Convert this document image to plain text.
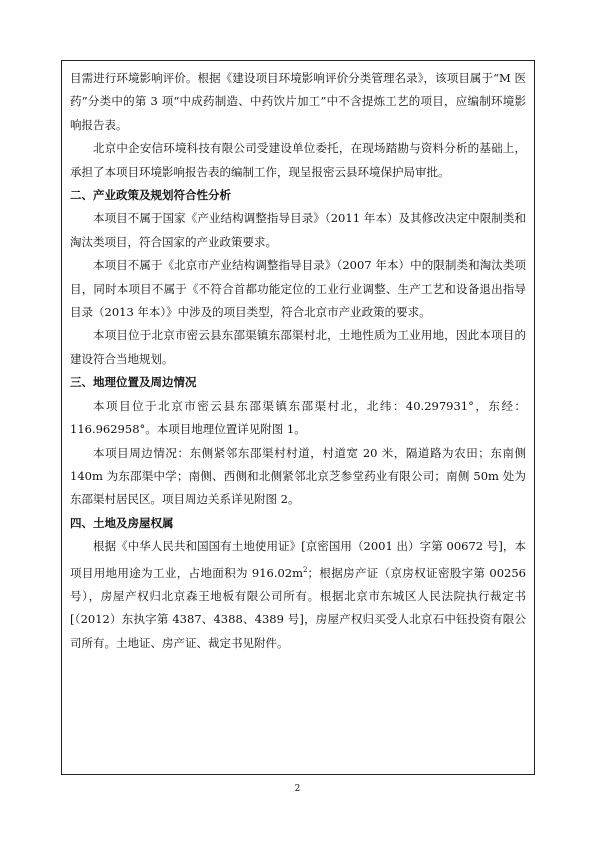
目需进行环境影响评价。根据《建设项目环境影响评价分类管理名录》，该项目属于“M 医药”分类中的第 3 项“中成药制造、中药饮片加工”中不含提炼工艺的项目，应编制环境影响报告表。

北京中企安信环境科技有限公司受建设单位委托，在现场踏勘与资料分析的基础上，承担了本项目环境影响报告表的编制工作，现呈报密云县环境保护局审批。

二、产业政策及规划符合性分析

本项目不属于国家《产业结构调整指导目录》（2011 年本）及其修改决定中限制类和淘汰类项目，符合国家的产业政策要求。

本项目不属于《北京市产业结构调整指导目录》（2007 年本）中的限制类和淘汰类项目，同时本项目不属于《不符合首都功能定位的工业行业调整、生产工艺和设备退出指导目录（2013 年本）》中涉及的项目类型，符合北京市产业政策的要求。

本项目位于北京市密云县东邵渠镇东邵渠村北，土地性质为工业用地，因此本项目的建设符合当地规划。

三、地理位置及周边情况

本项目位于北京市密云县东邵渠镇东邵渠村北，北纬：40.297931°，东经：116.962958°。本项目地理位置详见附图 1。

本项目周边情况：东侧紧邻东邵渠村村道，村道宽 20 米，隔道路为农田；东南侧 140m 为东邵渠中学；南侧、西侧和北侧紧邻北京芝参堂药业有限公司；南侧 50m 处为东邵渠村居民区。项目周边关系详见附图 2。

四、土地及房屋权属

根据《中华人民共和国国有土地使用证》[京密国用（2001 出）字第 00672 号]，本项目用地用途为工业，占地面积为 $916.02m^2$；根据房产证（京房权证密股字第 00256 号），房屋产权归北京森王地板有限公司所有。根据北京市东城区人民法院执行裁定书[（2012）东执字第 4387、4388、4389 号]，房屋产权归买受人北京石中钰投资有限公司所有。土地证、房产证、裁定书见附件。

2
